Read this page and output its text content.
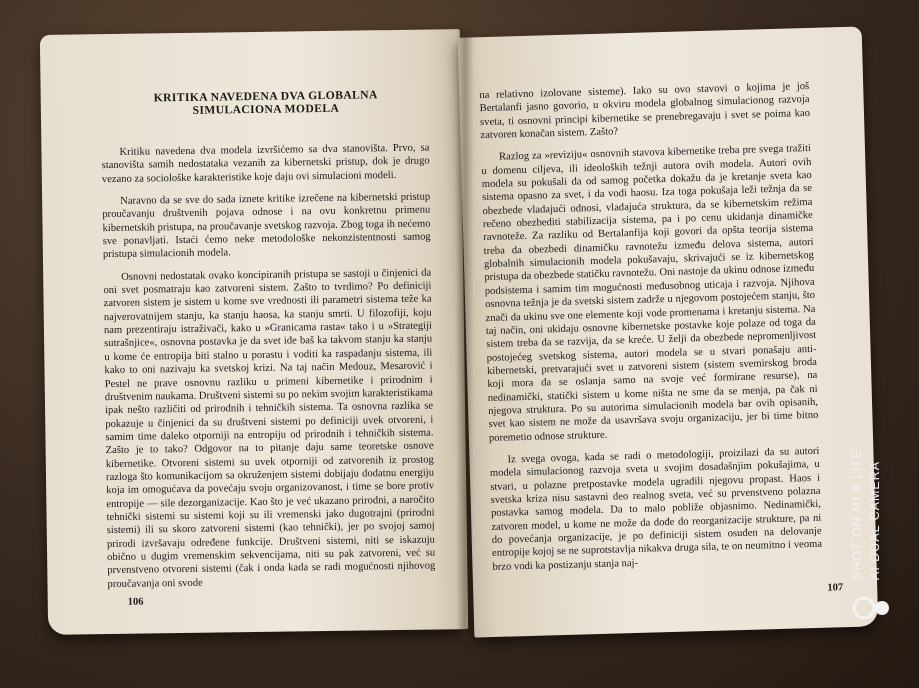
KRITIKA NAVEDENA DVA GLOBALNA SIMULACIONA MODELA

Kritiku navedena dva modela izvršićemo sa dva stanovišta. Prvo, sa stanovišta samih nedostataka vezanih za kibernetski pristup, dok je drugo vezano za sociološke karakteristike koje daju ovi simulacioni modeli.

Naravno da se sve do sada iznete kritike izrečene na kibernetski pristup proučavanju društvenih pojava odnose i na ovu konkretnu primenu kibernetskih pristupa, na proučavanje svetskog razvoja. Zbog toga ih nećemo sve ponavljati. Istaći ćemo neke metodološke nekonzistentnosti samog pristupa simulacionih modela.

Osnovni nedostatak ovako koncipiranih pristupa se sastoji u činjenici da oni svet posmatraju kao zatvoreni sistem. Zašto to tvrdimo? Po definiciji zatvoren sistem je sistem u kome sve vrednosti ili parametri sistema teže ka najverovatnijem stanju, ka stanju haosa, ka stanju smrti. U filozofiji, koju nam prezentiraju istraživači, kako u »Granicama rasta« tako i u »Strategiji sutrašnjice«, osnovna postavka je da svet ide baš ka takvom stanju ka stanju u kome će entropija biti stalno u porastu i voditi ka raspadanju sistema, ili kako to oni nazivaju ka svetskoj krizi. Na taj način Medouz, Mesarović i Pestel ne prave osnovnu razliku u primeni kibernetike i prirodnim i društvenim naukama. Društveni sistemi su po nekim svojim karakteristikama ipak nešto različiti od prirodnih i tehničkih sistema. Ta osnovna razlika se pokazuje u činjenici da su društveni sistemi po definiciji uvek otvoreni, i samim time daleko otporniji na entropiju od prirodnih i tehničkih sistema. Zašto je to tako? Odgovor na to pitanje daju same teoretske osnove kibernetike. Otvoreni sistemi su uvek otporniji od zatvorenih iz prostog razloga što komunikacijom sa okruženjem sistemi dobijaju dodatnu energiju koja im omogućava da povećaju svoju organizovanost, i time se bore protiv entropije — sile dezorganizacije. Kao što je već ukazano prirodni, a naročito tehnički sistemi su sistemi koji su ili vremenski jako dugotrajni (prirodni sistemi) ili su skoro zatvoreni sistemi (kao tehnički), jer po svojoj samoj prirodi izvršavaju određene funkcije. Društveni sistemi, niti se iskazuju obično u dugim vremenskim sekvencijama, niti su pak zatvoreni, već su prvenstveno otvoreni sistemi (čak i onda kada se radi mogućnosti njihovog proučavanja oni svode

106

na relativno izolovane sisteme). Iako su ovo stavovi o kojima je još Bertalanfi jasno govorio, u okviru modela globalnog simulacionog razvoja sveta, ti osnovni principi kibernetike se prenebregavaju i svet se poima kao zatvoren konačan sistem. Zašto?

Razlog za »reviziju« osnovnih stavova kibernetike treba pre svega tražiti u domenu ciljeva, ili ideoloških težnji autora ovih modela. Autori ovih modela su pokušali da od samog početka dokažu da je kretanje sveta kao sistema opasno za svet, i da vodi haosu. Iza toga pokušaja leži težnja da se obezbede vladajući odnosi, vladajuća struktura, da se kibernetskim režima rečeno obezbediti stabilizacija sistema, pa i po cenu ukidanja dinamičke ravnoteže. Za razliku od Bertalanfija koji govori da opšta teorija sistema treba da obezbedi dinamičku ravnotežu između delova sistema, autori globalnih simulacionih modela pokušavaju, skrivajući se iz kibernetskog pristupa da obezbede statičku ravnotežu. Oni nastoje da ukinu odnose između podsistema i samim tim mogućnosti međusobnog uticaja i razvoja. Njihova osnovna težnja je da svetski sistem zadrže u njegovom postojećem stanju, što znači da ukinu sve one elemente koji vode promenama i kretanju sistema. Na taj način, oni ukidaju osnovne kibernetske postavke koje polaze od toga da sistem treba da se razvija, da se kreće. U želji da obezbede nepromenljivost postojećeg svetskog sistema, autori modela se u stvari ponašaju anti-kibernetski, pretvarajući svet u zatvoreni sistem (sistem svemirskog broda koji mora da se oslanja samo na svoje već formirane resurse), na nedinamički, statički sistem u kome ništa ne sme da se menja, pa čak ni njegova struktura. Po su autorima simulacionih modela bar ovih opisanih, svet kao sistem ne može da usavršava svoju organizaciju, jer bi time bitno poremetio odnose strukture.

Iz svega ovoga, kada se radi o metodologiji, proizilazi da su autori modela simulacionog razvoja sveta u svojim dosadašnjim pokušajima, u stvari, u polazne pretpostavke modela ugradili njegovu propast. Haos i svetska kriza nisu sastavni deo realnog sveta, već su prvenstveno polazna postavka samog modela. Da to malo pobliže objasnimo. Nedinamički, zatvoren model, u kome ne može da dođe do reorganizacije strukture, pa ni do povećanja organizacije, je po definiciji sistem osuđen na delovanje entropije kojoj se ne suprotstavlja nikakva druga sila, te on neumitno i veoma brzo vodi ka postizanju stanja naj-

107
SHOT ON MI 8 LITE AI DUAL CAMERA
